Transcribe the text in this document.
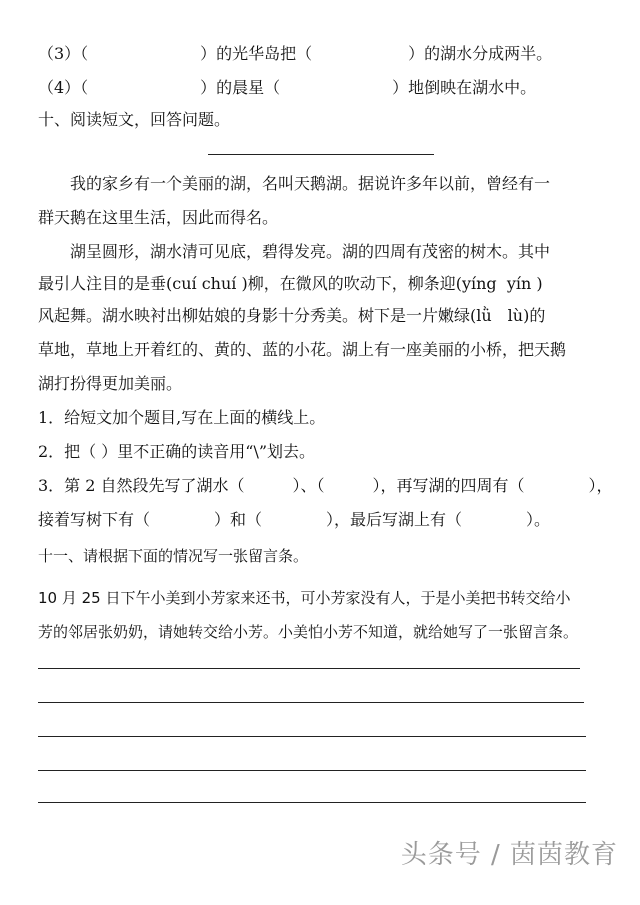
（3）（　　　　　　　）的光华岛把（　　　　　　）的湖水分成两半。
（4）（　　　　　　　）的晨星（　　　　　　　）地倒映在湖水中。
十、阅读短文，回答问题。
　　我的家乡有一个美丽的湖，名叫天鹅湖。据说许多年以前，曾经有一
群天鹅在这里生活，因此而得名。
　　湖呈圆形，湖水清可见底，碧得发亮。湖的四周有茂密的树木。其中
最引人注目的是垂(cuí chuí )柳，在微风的吹动下，柳条迎(yíng  yín )
风起舞。湖水映衬出柳姑娘的身影十分秀美。树下是一片嫩绿(lǜ　lù)的
草地，草地上开着红的、黄的、蓝的小花。湖上有一座美丽的小桥，把天鹅
湖打扮得更加美丽。
1．给短文加个题目,写在上面的横线上。
2．把（ ）里不正确的读音用“\”划去。
3．第 2 自然段先写了湖水（　　　）、（　　　），再写湖的四周有（　　　　），
接着写树下有（　　　　）和（　　　　），最后写湖上有（　　　　）。
十一、请根据下面的情况写一张留言条。
10 月 25 日下午小美到小芳家来还书，可小芳家没有人，于是小美把书转交给小
芳的邻居张奶奶，请她转交给小芳。小美怕小芳不知道，就给她写了一张留言条。
头条号 / 茵茵教育
